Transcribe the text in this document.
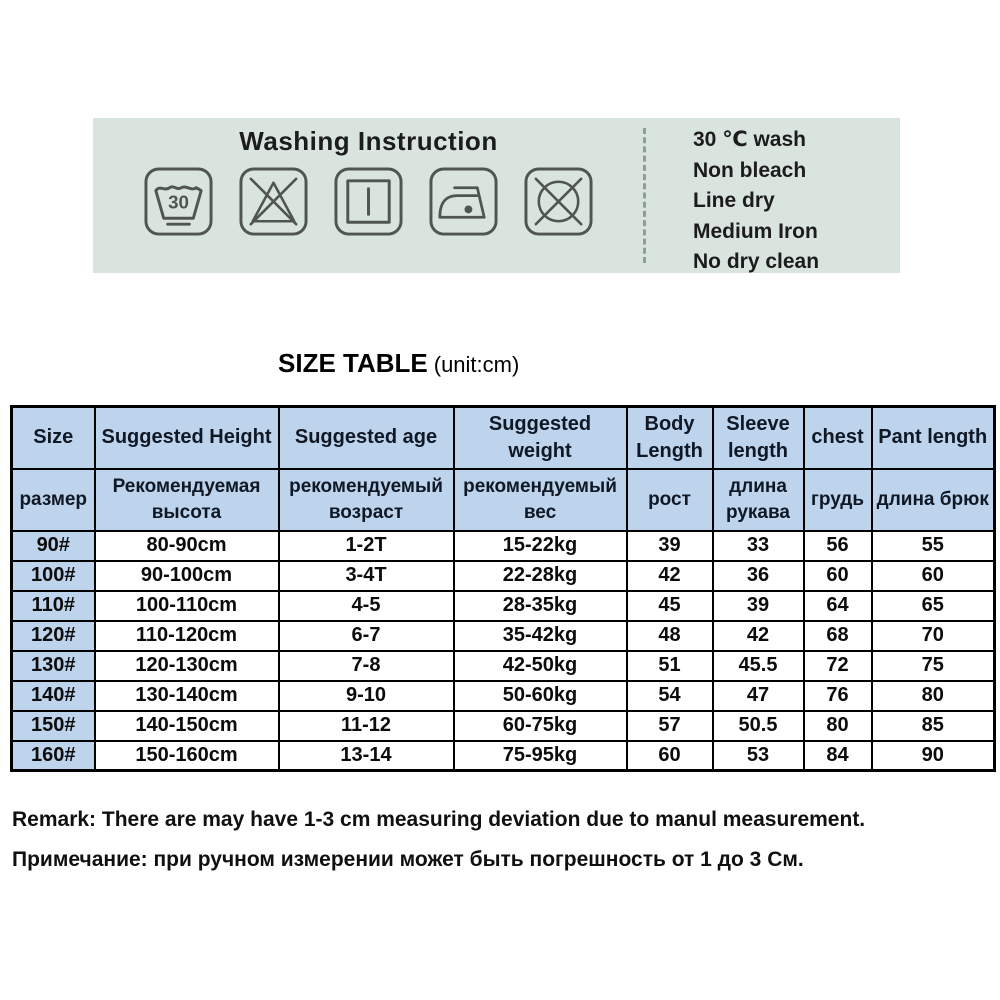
Washing Instruction
30
30 ℃ wash
Non bleach
Line dry
Medium Iron
No dry clean
SIZE TABLE (unit:cm)
Size	Suggested Height	Suggested age	Suggested weight	Body Length	Sleeve length	chest	Pant length
размер	Рекомендуемая высота	рекомендуемый возраст	рекомендуемый вес	рост	длина рукава	грудь	длина брюк
90#	80-90cm	1-2T	15-22kg	39	33	56	55
100#	90-100cm	3-4T	22-28kg	42	36	60	60
110#	100-110cm	4-5	28-35kg	45	39	64	65
120#	110-120cm	6-7	35-42kg	48	42	68	70
130#	120-130cm	7-8	42-50kg	51	45.5	72	75
140#	130-140cm	9-10	50-60kg	54	47	76	80
150#	140-150cm	11-12	60-75kg	57	50.5	80	85
160#	150-160cm	13-14	75-95kg	60	53	84	90
Remark: There are may have 1-3 cm measuring deviation due to manul measurement.
Примечание: при ручном измерении может быть погрешность от 1 до 3 См.
